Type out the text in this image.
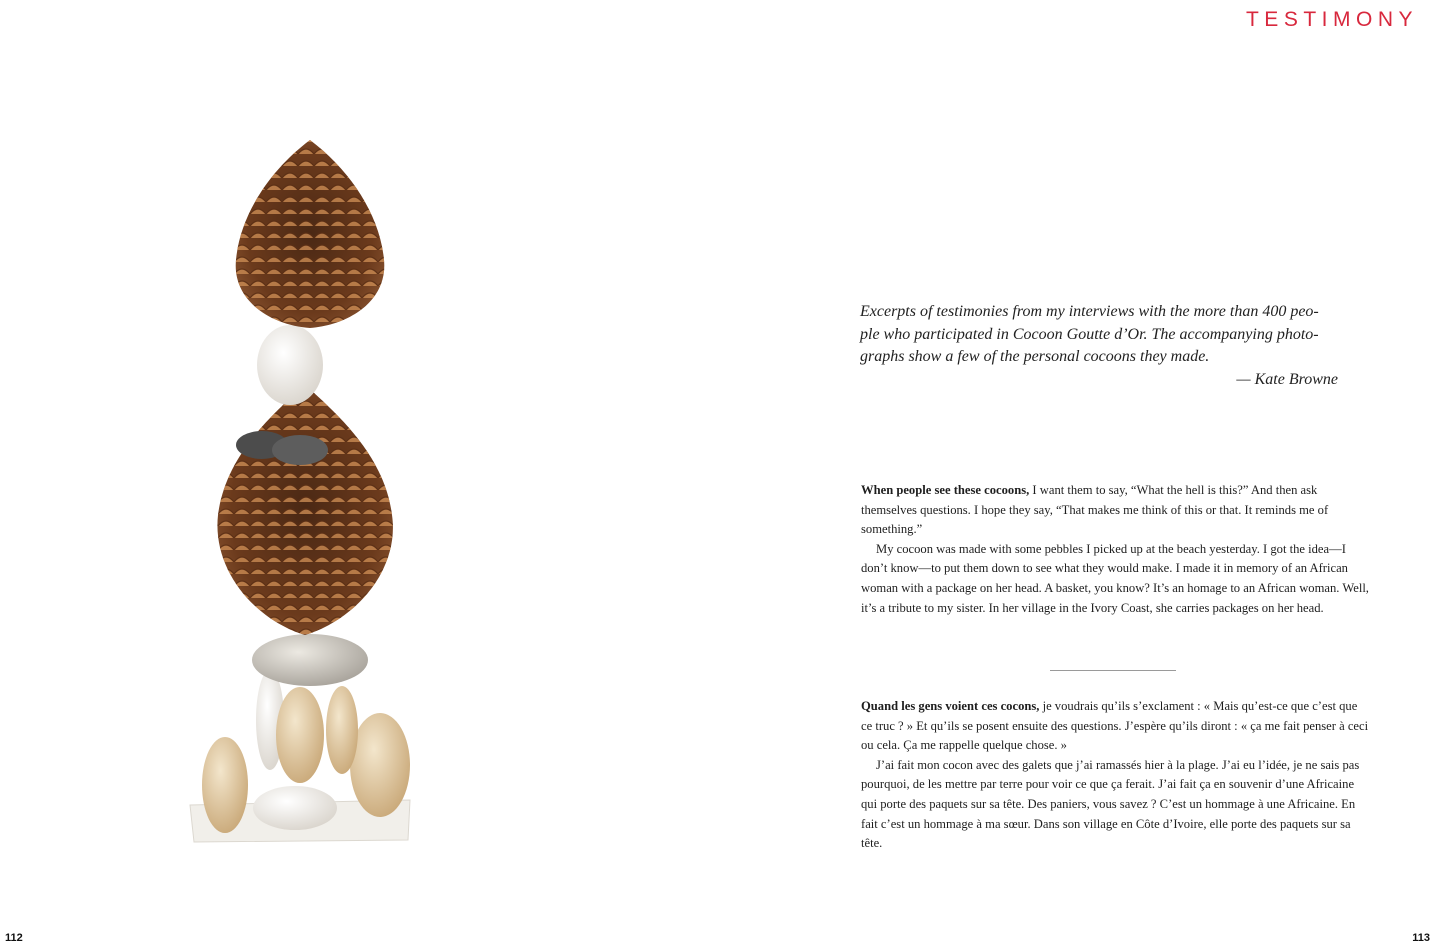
TESTIMONY

Excerpts of testimonies from my interviews with the more than 400 peo-

ple who participated in Cocoon Goutte d’Or. The accompanying photo-

graphs show a few of the personal cocoons they made.

— Kate Browne

When people see these cocoons, I want them to say, “What the hell is this?” And then ask themselves questions. I hope they say, “That makes me think of this or that. It reminds me of something.”

My cocoon was made with some pebbles I picked up at the beach yesterday. I got the idea—I don’t know—to put them down to see what they would make. I made it in memory of an African woman with a package on her head. A basket, you know? It’s an homage to an African woman. Well, it’s a tribute to my sister. In her village in the Ivory Coast, she carries packages on her head.

Quand les gens voient ces cocons, je voudrais qu’ils s’exclament : « Mais qu’est-ce que c’est que ce truc ? » Et qu’ils se posent ensuite des questions. J’espère qu’ils diront : « ça me fait penser à ceci ou cela. Ça me rappelle quelque chose. »

J’ai fait mon cocon avec des galets que j’ai ramassés hier à la plage. J’ai eu l’idée, je ne sais pas pourquoi, de les mettre par terre pour voir ce que ça ferait. J’ai fait ça en souvenir d’une Africaine qui porte des paquets sur sa tête. Des paniers, vous savez ? C’est un hommage à une Africaine. En fait c’est un hommage à ma sœur. Dans son village en Côte d’Ivoire, elle porte des paquets sur sa tête.

112	113
